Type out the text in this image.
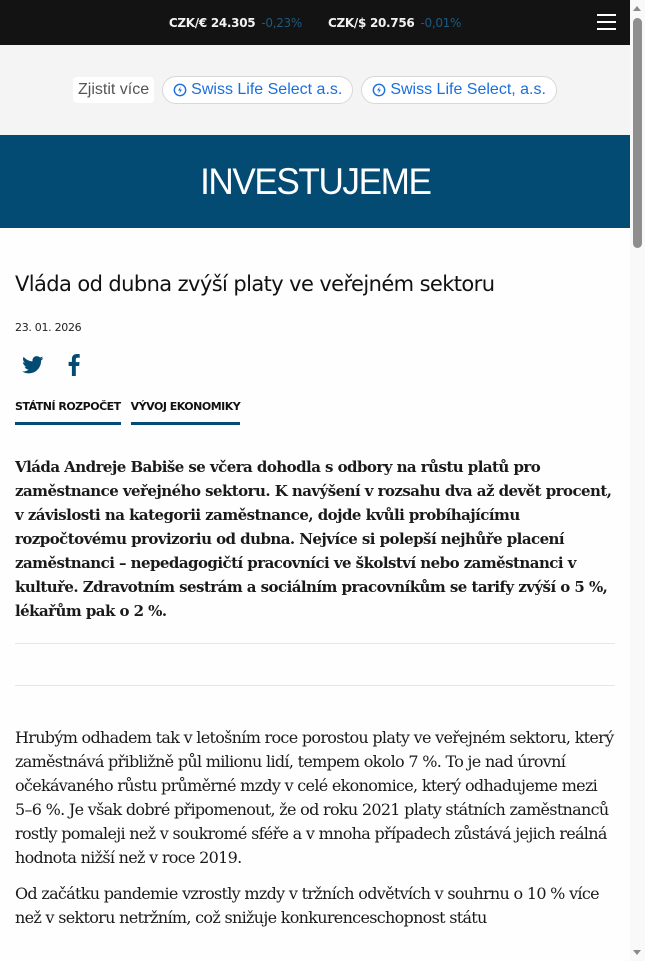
CZK/€ 24.305 -0,23% CZK/$ 20.756 -0,01%
Zjistit více	Swiss Life Select a.s.	Swiss Life Select, a.s.
INVESTUJEME
Vláda od dubna zvýší platy ve veřejném sektoru
23. 01. 2026
STÁTNÍ ROZPOČET VÝVOJ EKONOMIKY

Vláda Andreje Babiše se včera dohodla s odbory na růstu platů pro zaměstnance veřejného sektoru. K navýšení v rozsahu dva až devět procent, v závislosti na kategorii zaměstnance, dojde kvůli probíhajícímu rozpočtovému provizoriu od dubna. Nejvíce si polepší nejhůře placení zaměstnanci – nepedagogičtí pracovníci ve školství nebo zaměstnanci v kultuře. Zdravotním sestrám a sociálním pracovníkům se tarify zvýší o 5 %, lékařům pak o 2 %.

Hrubým odhadem tak v letošním roce porostou platy ve veřejném sektoru, který zaměstnává přibližně půl milionu lidí, tempem okolo 7 %. To je nad úrovní očekávaného růstu průměrné mzdy v celé ekonomice, který odhadujeme mezi 5–6 %. Je však dobré připomenout, že od roku 2021 platy státních zaměstnanců rostly pomaleji než v soukromé sféře a v mnoha případech zůstává jejich reálná hodnota nižší než v roce 2019.

Od začátku pandemie vzrostly mzdy v tržních odvětvích v souhrnu o 10 % více než v sektoru netržním, což snižuje konkurenceschopnost státu
